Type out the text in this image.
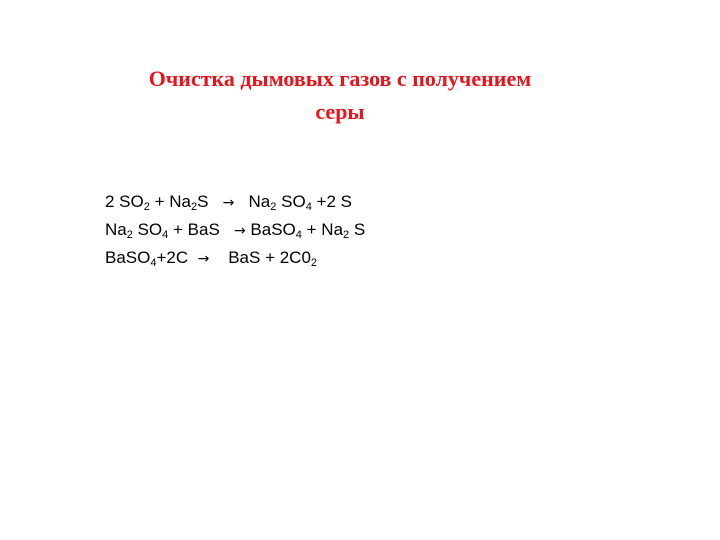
Очистка дымовых газов с получением
серы
2 $SO_2 + Na_2S \to Na_2$ $SO_4 +2$ S
$Na_2$ $SO_4$ + BaS   → BaSO$_4$ + $Na_2$ S
BaSO$_4$+2C  →    BaS + $2C0_2$
